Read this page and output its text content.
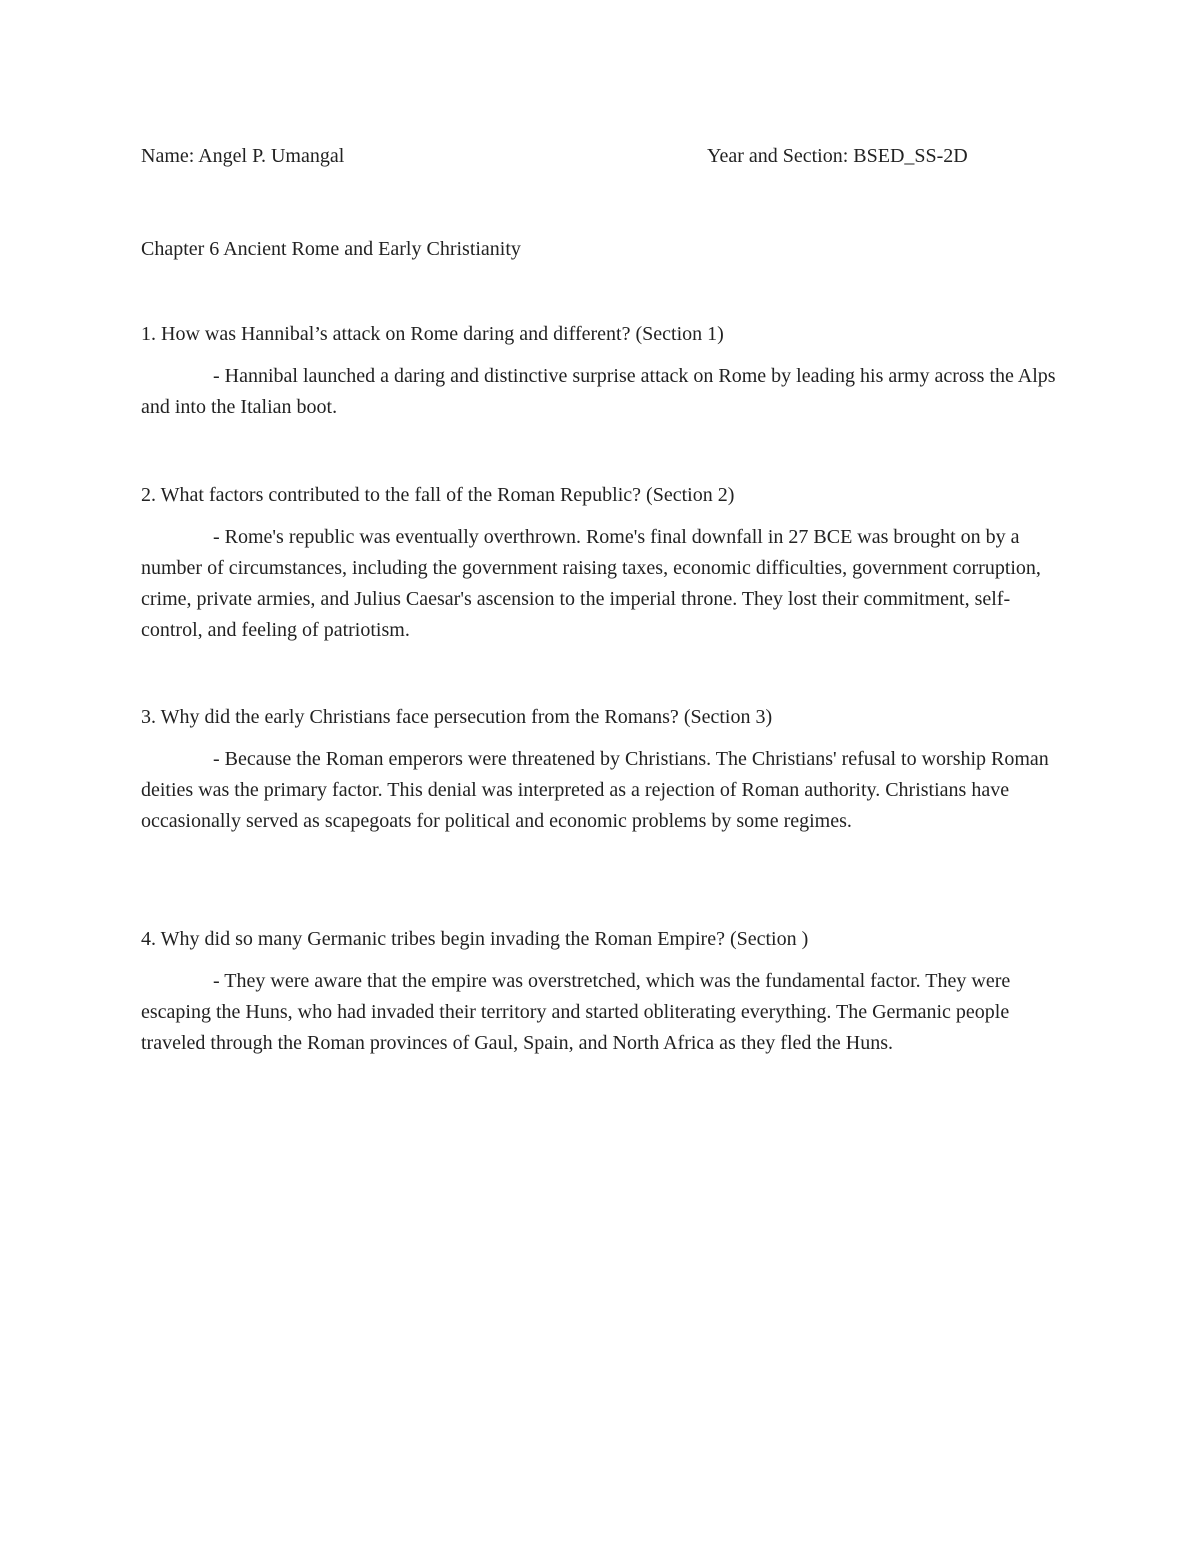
Name: Angel P. Umangal	Year and Section: BSED_SS-2D
Chapter 6 Ancient Rome and Early Christianity

1. How was Hannibal’s attack on Rome daring and different? (Section 1)

- Hannibal launched a daring and distinctive surprise attack on Rome by leading his army across the Alps and into the Italian boot.

2. What factors contributed to the fall of the Roman Republic? (Section 2)

- Rome's republic was eventually overthrown. Rome's final downfall in 27 BCE was brought on by a number of circumstances, including the government raising taxes, economic difficulties, government corruption, crime, private armies, and Julius Caesar's ascension to the imperial throne. They lost their commitment, self-control, and feeling of patriotism.

3. Why did the early Christians face persecution from the Romans? (Section 3)

- Because the Roman emperors were threatened by Christians. The Christians' refusal to worship Roman deities was the primary factor. This denial was interpreted as a rejection of Roman authority. Christians have occasionally served as scapegoats for political and economic problems by some regimes.

4. Why did so many Germanic tribes begin invading the Roman Empire? (Section )

- They were aware that the empire was overstretched, which was the fundamental factor. They were escaping the Huns, who had invaded their territory and started obliterating everything. The Germanic people traveled through the Roman provinces of Gaul, Spain, and North Africa as they fled the Huns.
